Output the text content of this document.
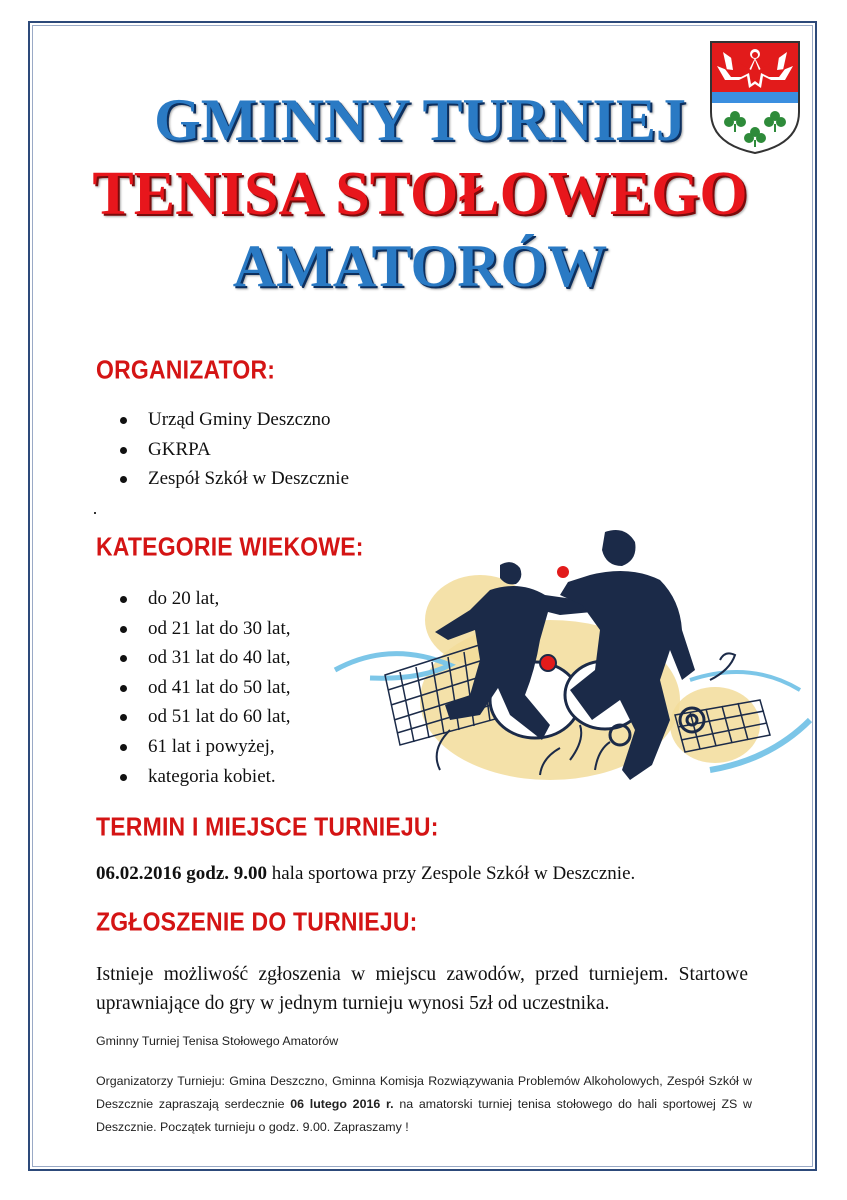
GMINNY TURNIEJ
TENISA STOŁOWEGO
AMATORÓW
ORGANIZATOR:
Urząd Gminy Deszczno
GKRPA
Zespół Szkół w Deszcznie
KATEGORIE WIEKOWE:
do 20 lat,
od 21 lat do 30 lat,
od 31 lat do 40 lat,
od 41 lat do 50 lat,
od 51 lat do 60 lat,
61 lat i powyżej,
kategoria kobiet.
TERMIN I MIEJSCE TURNIEJU:
06.02.2016 godz. 9.00 hala sportowa przy Zespole Szkół w Deszcznie.
ZGŁOSZENIE DO TURNIEJU:
Istnieje możliwość zgłoszenia w miejscu zawodów, przed turniejem. Startowe uprawniające do gry w jednym turnieju wynosi 5zł od uczestnika.
Gminny Turniej Tenisa Stołowego Amatorów
Organizatorzy Turnieju: Gmina Deszczno, Gminna Komisja Rozwiązywania Problemów Alkoholowych, Zespół Szkół w Deszcznie zapraszają serdecznie 06 lutego 2016 r. na amatorski turniej tenisa stołowego do hali sportowej ZS w Deszcznie. Początek turnieju o godz. 9.00. Zapraszamy !
